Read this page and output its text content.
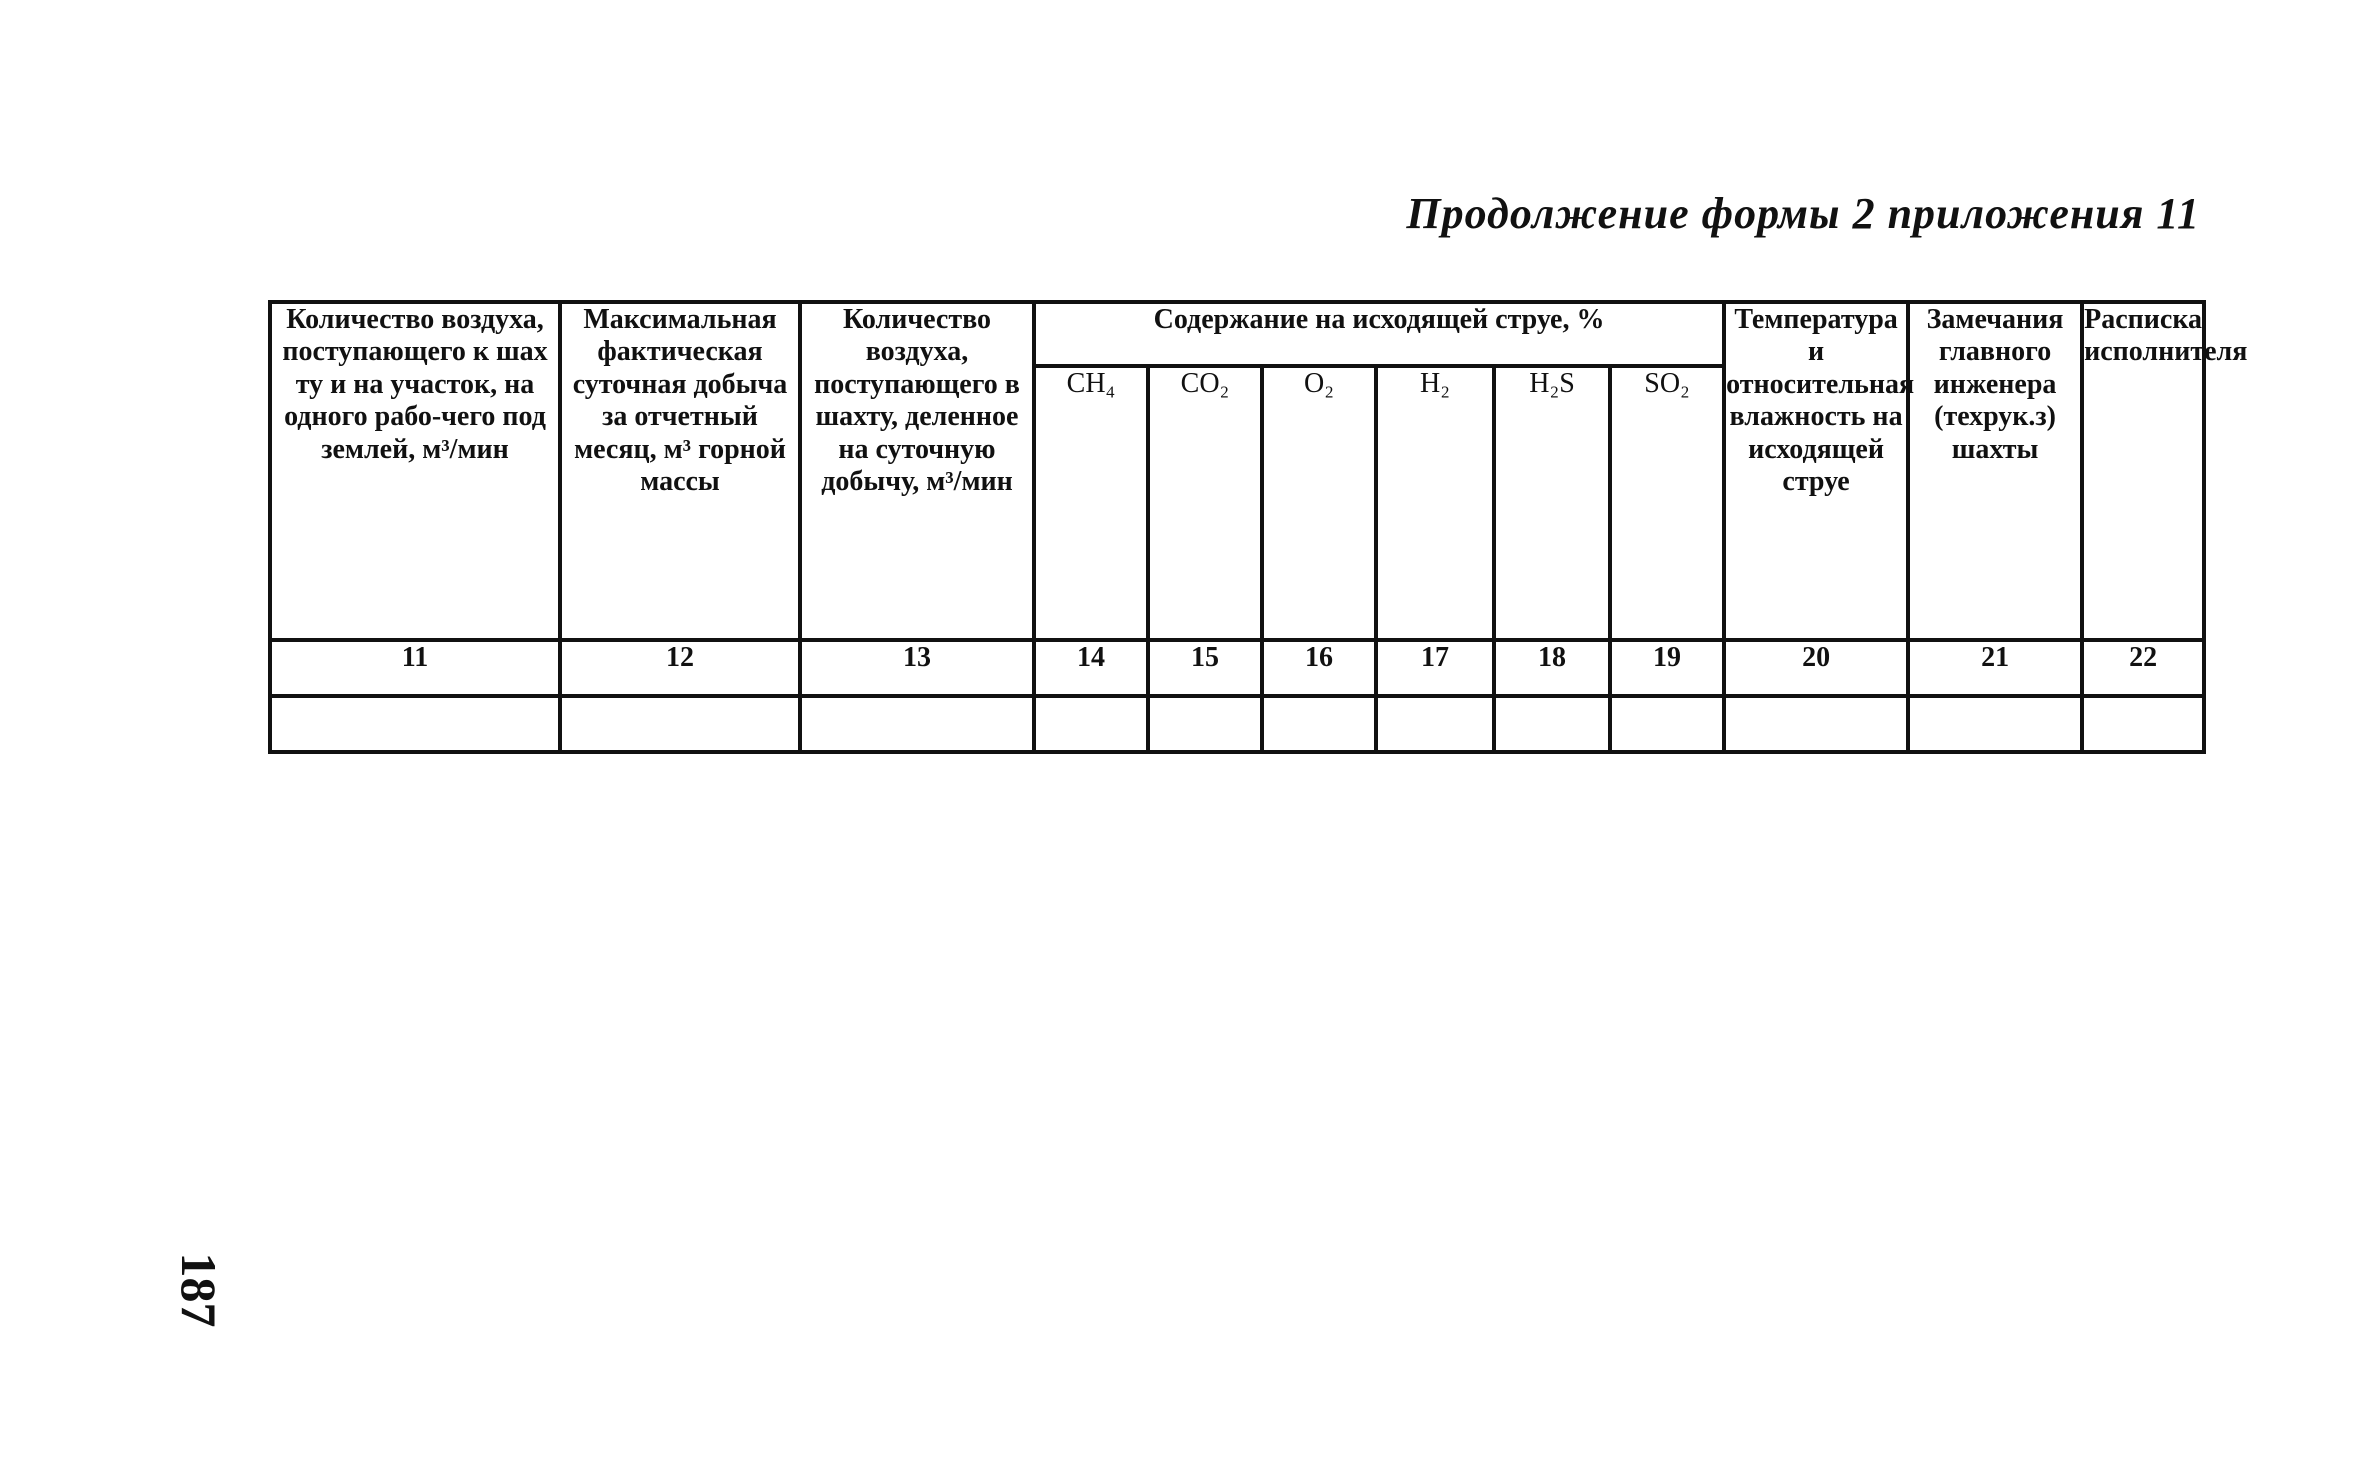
Продолжение формы 2 приложения 11
Количество воздуха, поступающего к шах ту и на участок, на одного рабо-чего под землей, м³/мин	Максимальная фактическая суточная добыча за отчетный месяц, м³ горной массы	Количество воздуха, поступающего в шахту, деленное на суточную добычу, м³/мин	Содержание на исходящей струе, %						Температура и относительная влажность на исходящей струе	Замечания главного инженера (техрук.з) шахты	Расписка исполнителя

			CH₄	CO₂	O₂	H₂	H₂S	SO₂			
11	12	13	14	15	16	17	18	19	20	21	22

187
